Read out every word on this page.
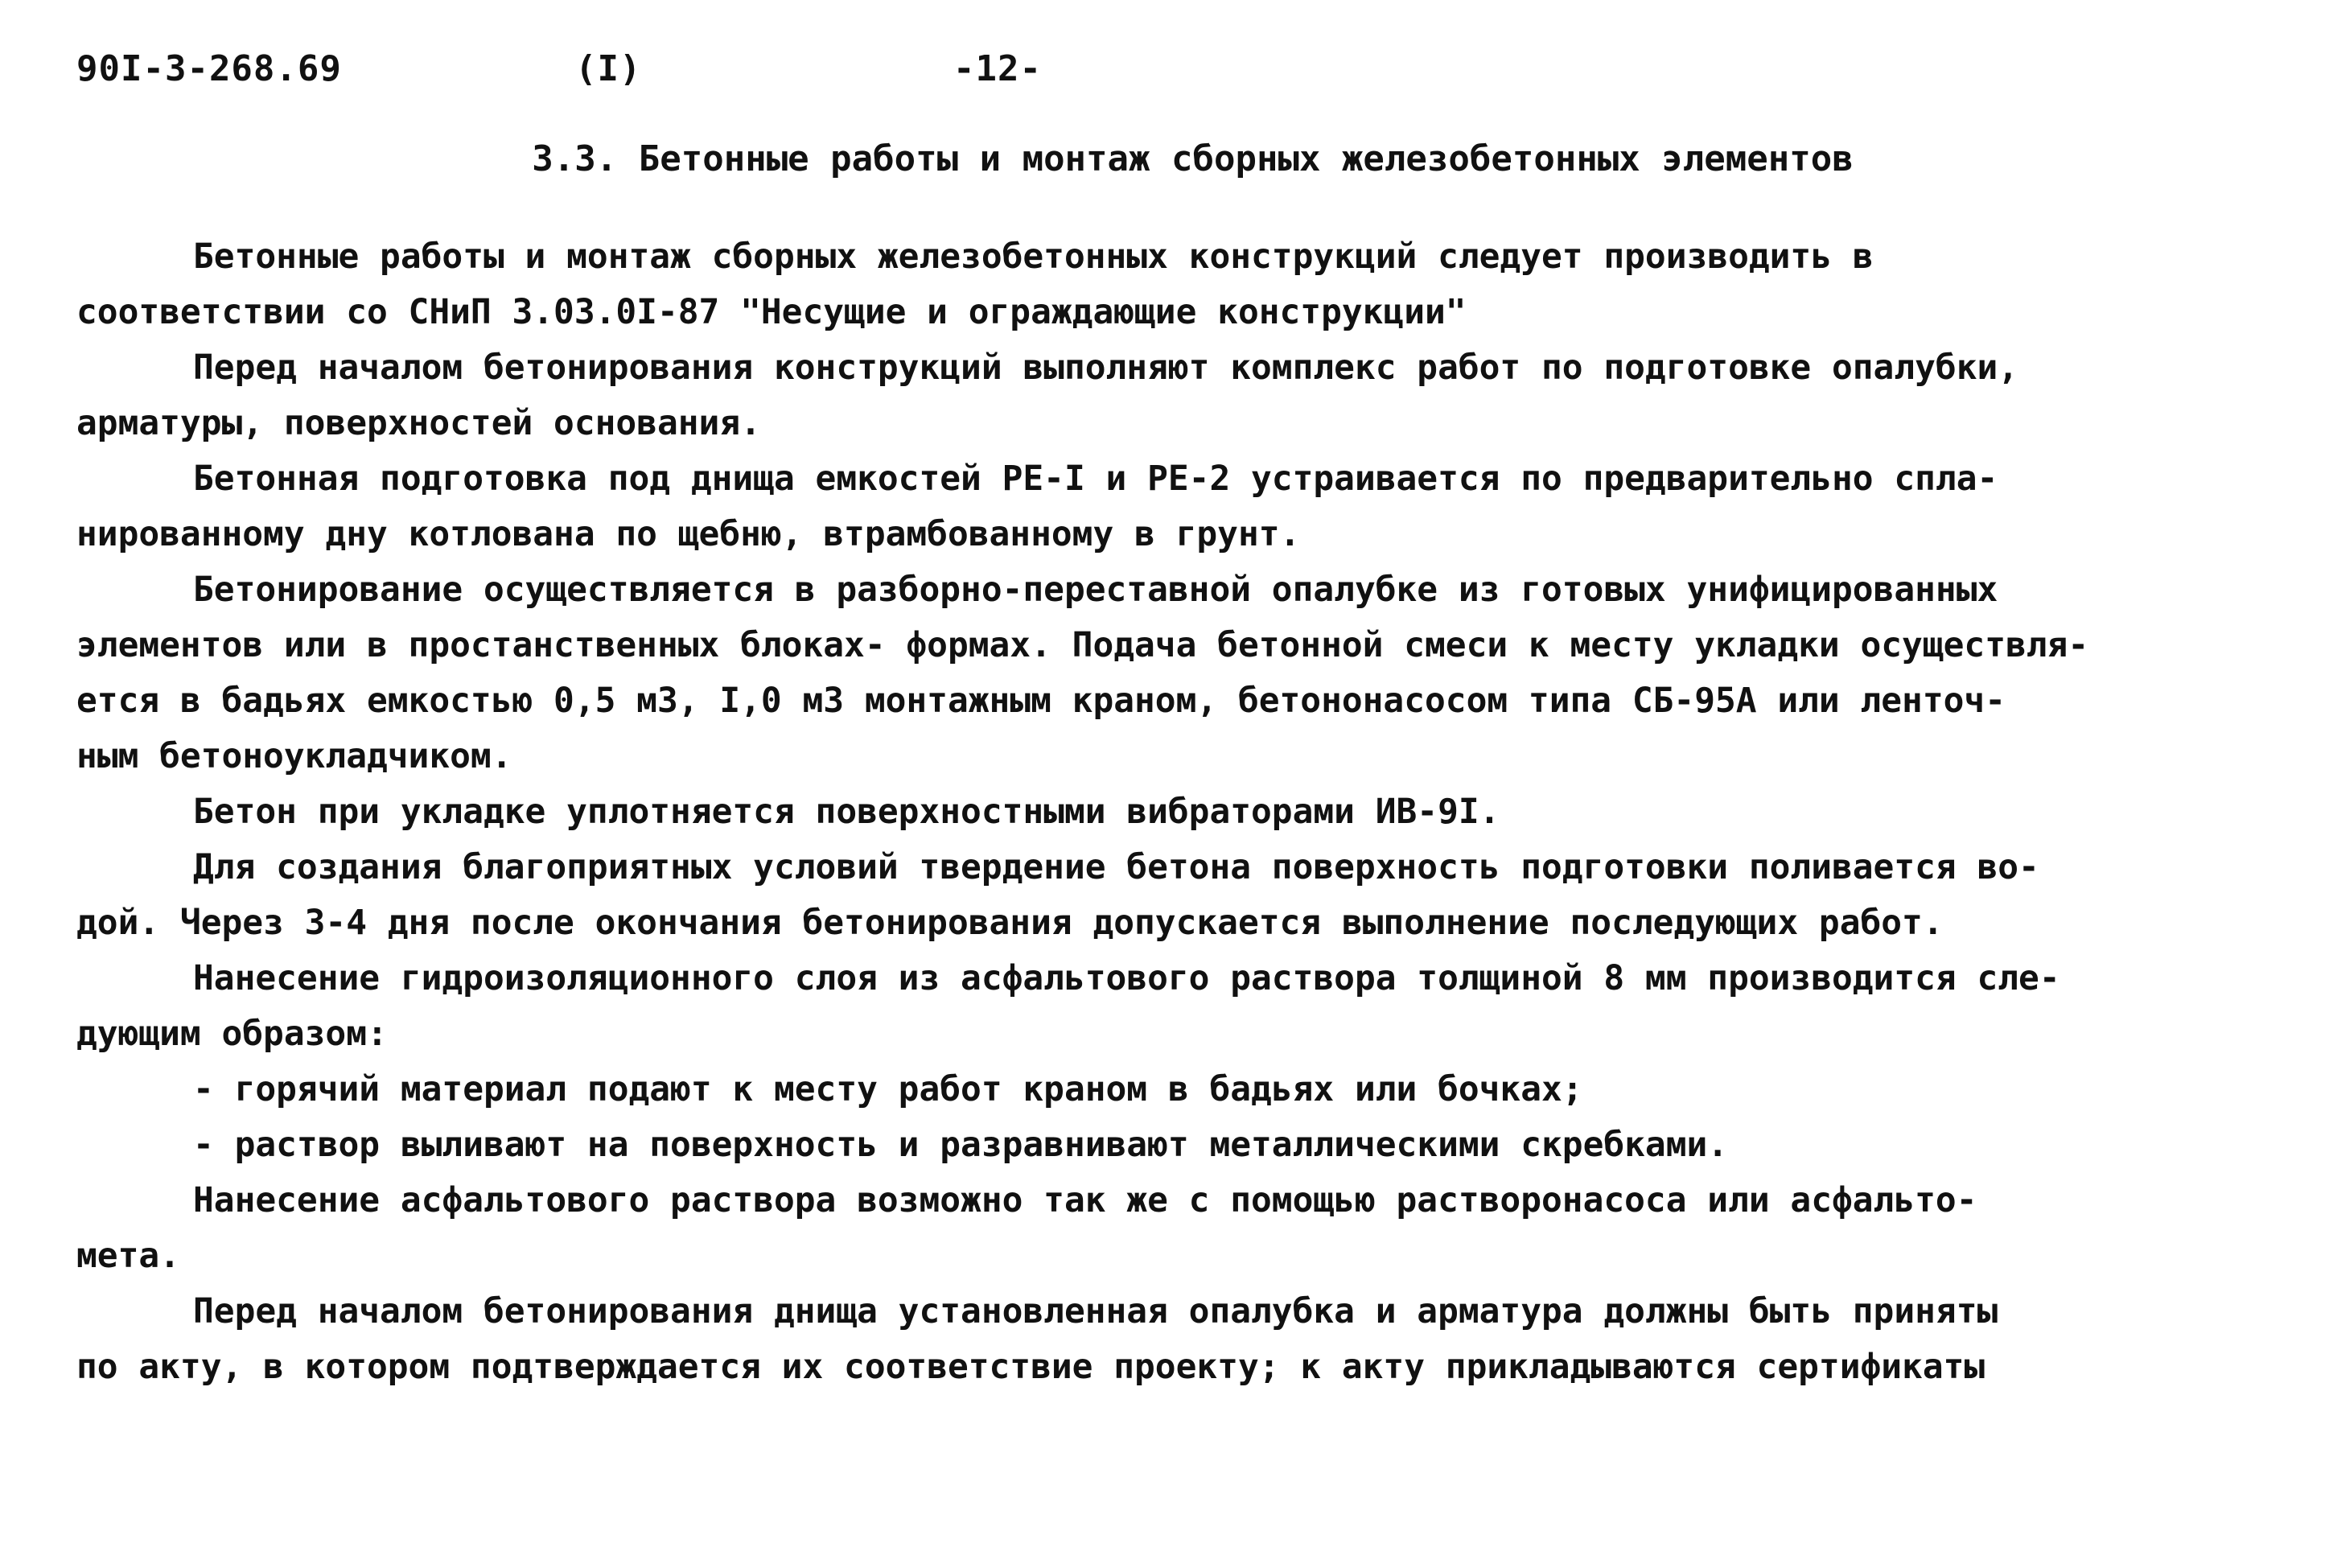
90I-3-268.69	(I)	-12-
3.3. Бетонные работы и монтаж сборных железобетонных элементов
Бетонные работы и монтаж сборных железобетонных конструкций следует производить в
соответствии со СНиП 3.03.0I-87 "Несущие и ограждающие конструкции"
Перед началом бетонирования конструкций выполняют комплекс работ по подготовке опалубки,
арматуры, поверхностей основания.
Бетонная подготовка под днища емкостей РЕ-I и РЕ-2 устраивается по предварительно спла-
нированному дну котлована по щебню, втрамбованному в грунт.
Бетонирование осуществляется в разборно-переставной опалубке из готовых унифицированных
элементов или в простанственных блоках- формах. Подача бетонной смеси к месту укладки осуществля-
ется в бадьях емкостью 0,5 м3, I,0 м3 монтажным краном, бетононасосом типа СБ-95А или ленточ-
ным бетоноукладчиком.
Бетон при укладке уплотняется поверхностными вибраторами ИВ-9I.
Для создания благоприятных условий твердение бетона поверхность подготовки поливается во-
дой. Через 3-4 дня после окончания бетонирования допускается выполнение последующих работ.
Нанесение гидроизоляционного слоя из асфальтового раствора толщиной 8 мм производится сле-
дующим образом:
- горячий материал подают к месту работ краном в бадьях или бочках;
- раствор выливают на поверхность и разравнивают металлическими скребками.
Нанесение асфальтового раствора возможно так же с помощью растворонасоса или асфальто-
мета.
Перед началом бетонирования днища установленная опалубка и арматура должны быть приняты
по акту, в котором подтверждается их соответствие проекту; к акту прикладываются сертификаты
